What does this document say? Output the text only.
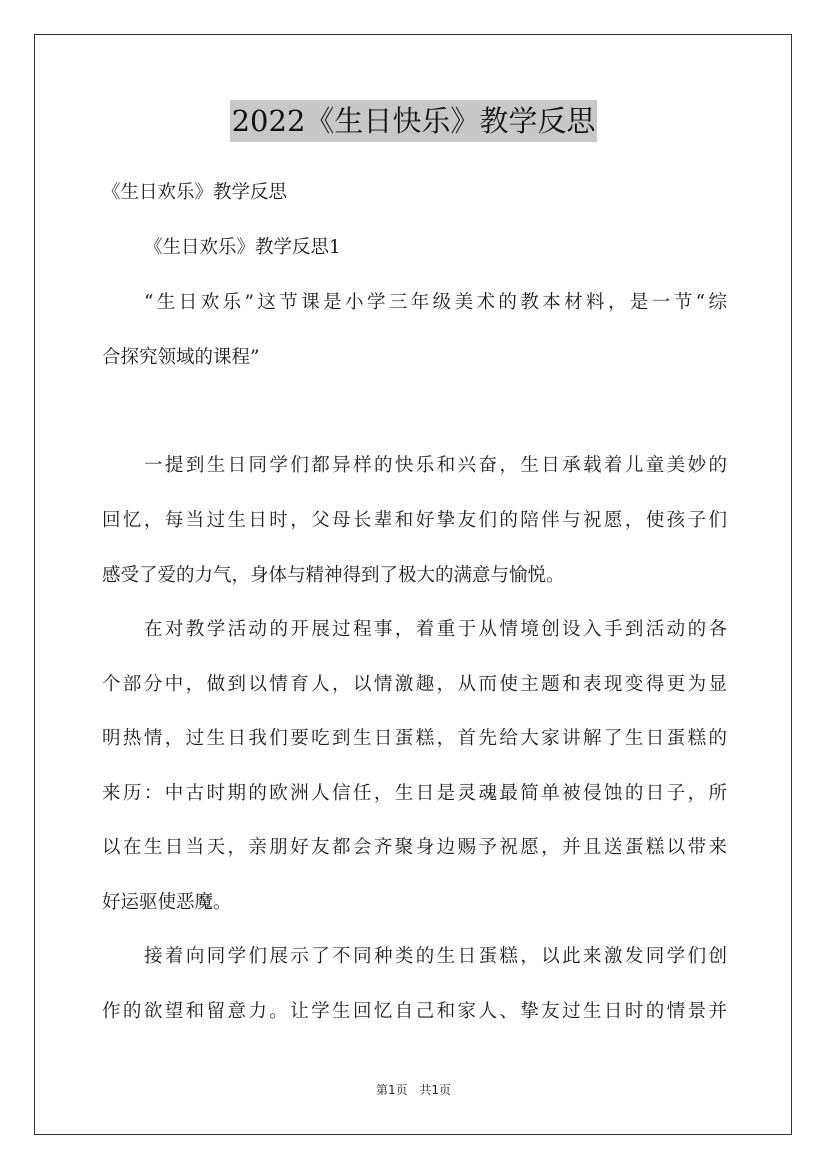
2022《生日快乐》教学反思
《生日欢乐》教学反思
《生日欢乐》教学反思1
“生日欢乐”这节课是小学三年级美术的教本材料，是一节“综
合探究领域的课程”
一提到生日同学们都异样的快乐和兴奋，生日承载着儿童美妙的
回忆，每当过生日时，父母长辈和好挚友们的陪伴与祝愿，使孩子们
感受了爱的力气，身体与精神得到了极大的满意与愉悦。
在对教学活动的开展过程事，着重于从情境创设入手到活动的各
个部分中，做到以情育人，以情激趣，从而使主题和表现变得更为显
明热情，过生日我们要吃到生日蛋糕，首先给大家讲解了生日蛋糕的
来历：中古时期的欧洲人信任，生日是灵魂最简单被侵蚀的日子，所
以在生日当天，亲朋好友都会齐聚身边赐予祝愿，并且送蛋糕以带来
好运驱使恶魔。
接着向同学们展示了不同种类的生日蛋糕，以此来激发同学们创
作的欲望和留意力。让学生回忆自己和家人、挚友过生日时的情景并
第1页 共1页
